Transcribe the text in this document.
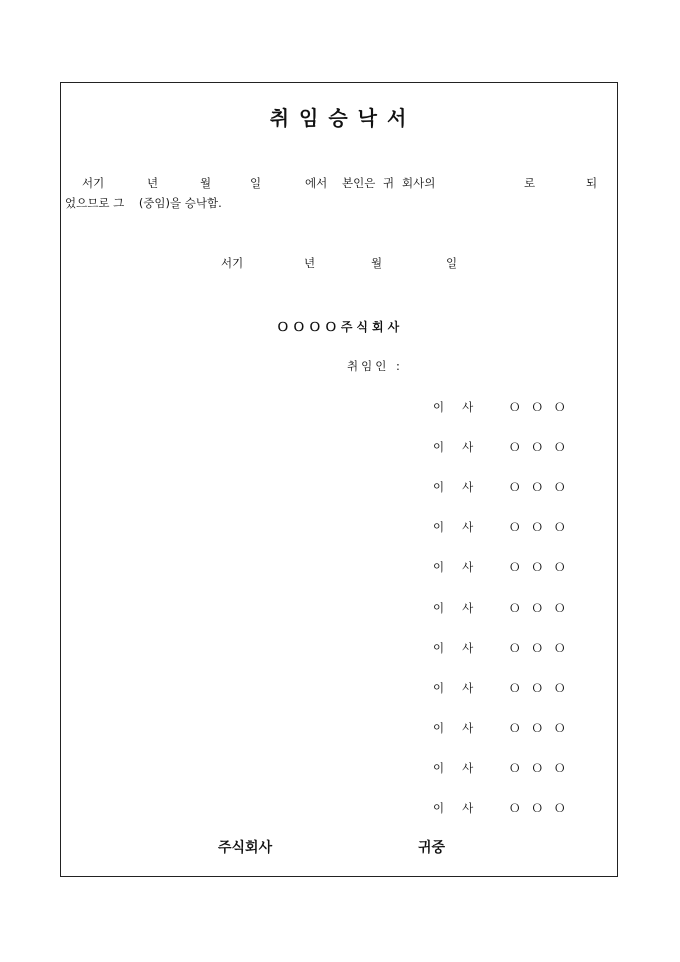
취임승낙서
서기	년	월	일	에서 본인은 귀 회사의	로	되
었으므로 그    (중임)을 승낙함.
서기	년	월	일
ＯＯＯＯ주식회사
취임인 :
이사 ＯＯＯ
이사 ＯＯＯ
이사 ＯＯＯ
이사 ＯＯＯ
이사 ＯＯＯ
이사 ＯＯＯ
이사 ＯＯＯ
이사 ＯＯＯ
이사 ＯＯＯ
이사 ＯＯＯ
이사 ＯＯＯ
주식회사	귀중
